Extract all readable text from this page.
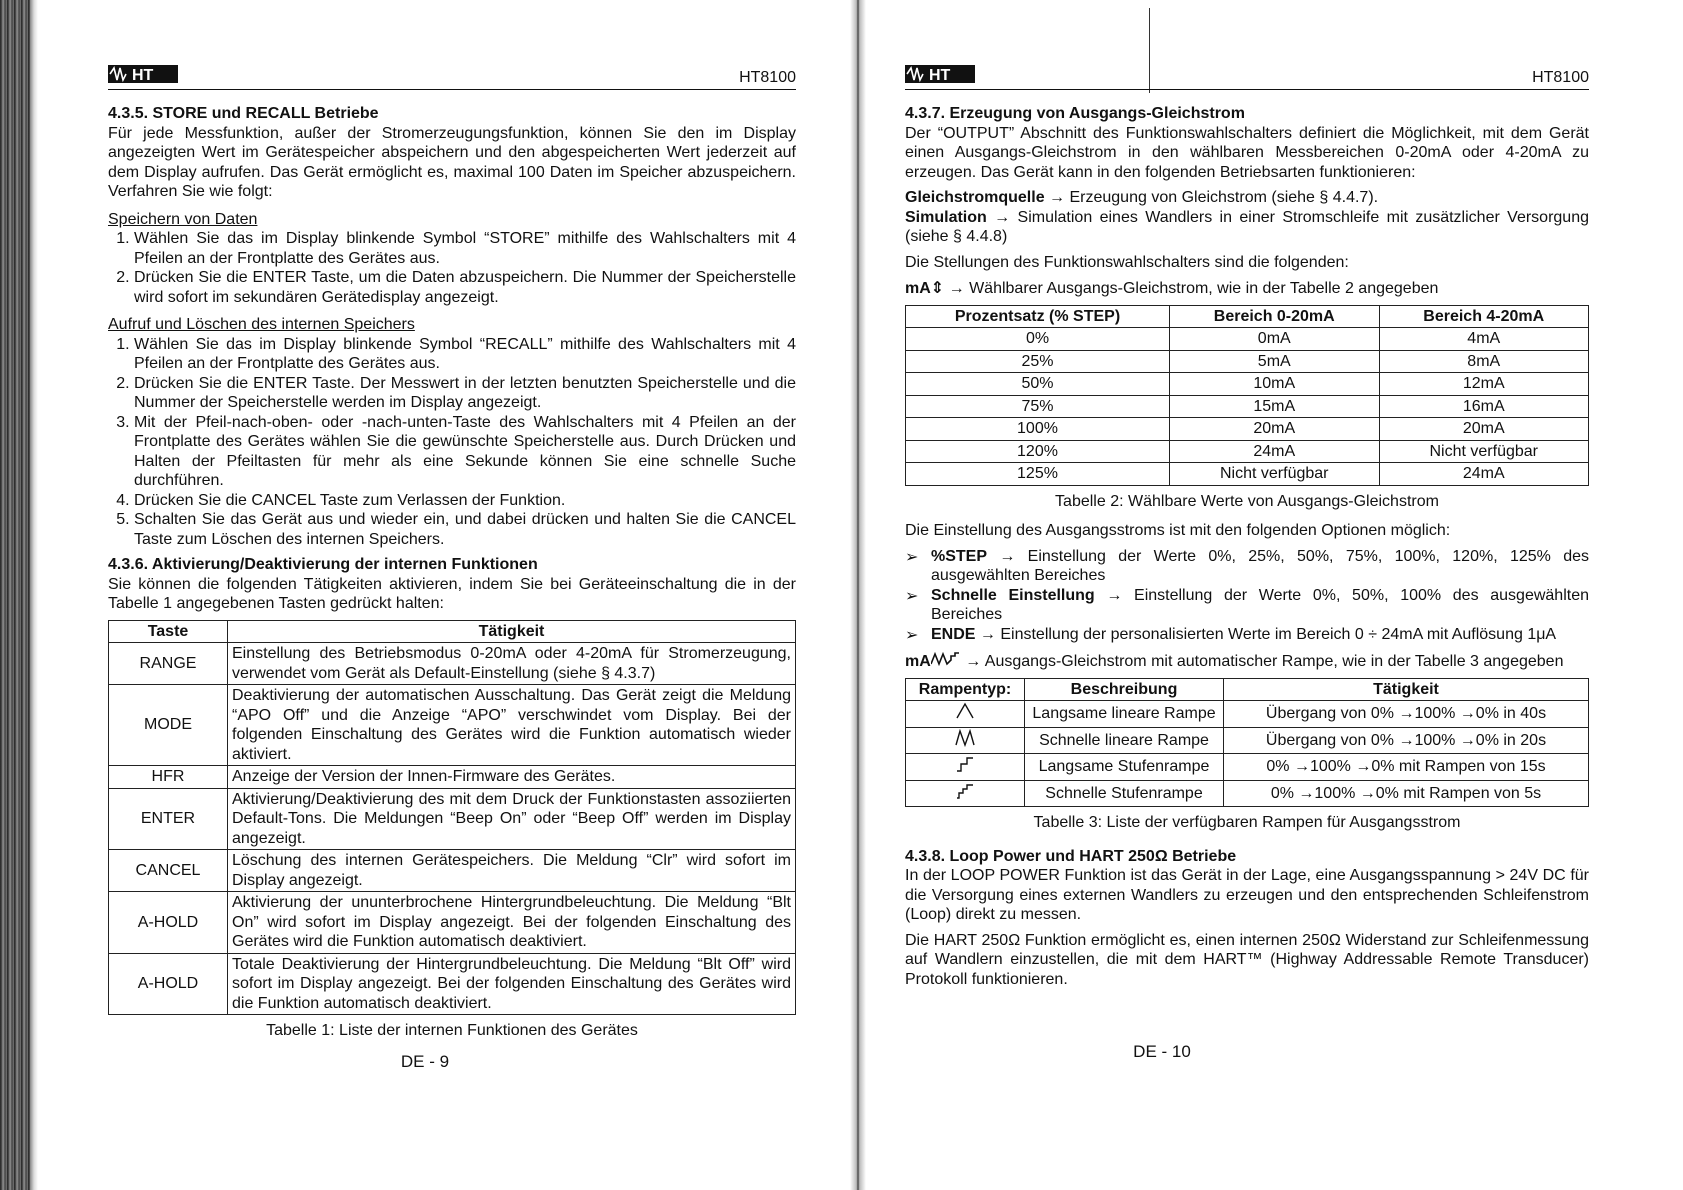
HT	HT8100
4.3.5. STORE und RECALL Betriebe

Für jede Messfunktion, außer der Stromerzeugungsfunktion, können Sie den im Display angezeigten Wert im Gerätespeicher abspeichern und den abgespeicherten Wert jederzeit auf dem Display aufrufen. Das Gerät ermöglicht es, maximal 100 Daten im Speicher abzuspeichern. Verfahren Sie wie folgt:

Speichern von Daten
1. Wählen Sie das im Display blinkende Symbol “STORE” mithilfe des Wahlschalters mit 4 Pfeilen an der Frontplatte des Gerätes aus.
2. Drücken Sie die ENTER Taste, um die Daten abzuspeichern. Die Nummer der Speicherstelle wird sofort im sekundären Gerätedisplay angezeigt.
Aufruf und Löschen des internen Speichers
1. Wählen Sie das im Display blinkende Symbol “RECALL” mithilfe des Wahlschalters mit 4 Pfeilen an der Frontplatte des Gerätes aus.
2. Drücken Sie die ENTER Taste. Der Messwert in der letzten benutzten Speicherstelle und die Nummer der Speicherstelle werden im Display angezeigt.
3. Mit der Pfeil-nach-oben- oder -nach-unten-Taste des Wahlschalters mit 4 Pfeilen an der Frontplatte des Gerätes wählen Sie die gewünschte Speicherstelle aus. Durch Drücken und Halten der Pfeiltasten für mehr als eine Sekunde können Sie eine schnelle Suche durchführen.
4. Drücken Sie die CANCEL Taste zum Verlassen der Funktion.
5. Schalten Sie das Gerät aus und wieder ein, und dabei drücken und halten Sie die CANCEL Taste zum Löschen des internen Speichers.
4.3.6. Aktivierung/Deaktivierung der internen Funktionen

Sie können die folgenden Tätigkeiten aktivieren, indem Sie bei Geräteeinschaltung die in der Tabelle 1 angegebenen Tasten gedrückt halten:

Taste	Tätigkeit
RANGE	Einstellung des Betriebsmodus 0-20mA oder 4-20mA für Stromerzeugung, verwendet vom Gerät als Default-Einstellung (siehe § 4.3.7)
MODE	Deaktivierung der automatischen Ausschaltung. Das Gerät zeigt die Meldung “APO Off” und die Anzeige “APO” verschwindet vom Display. Bei der folgenden Einschaltung des Gerätes wird die Funktion automatisch wieder aktiviert.
HFR	Anzeige der Version der Innen-Firmware des Gerätes.
ENTER	Aktivierung/Deaktivierung des mit dem Druck der Funktionstasten assoziierten Default-Tons. Die Meldungen “Beep On” oder “Beep Off” werden im Display angezeigt.
CANCEL	Löschung des internen Gerätespeichers. Die Meldung “Clr” wird sofort im Display angezeigt.
A-HOLD	Aktivierung der ununterbrochene Hintergrundbeleuchtung. Die Meldung “Blt On” wird sofort im Display angezeigt. Bei der folgenden Einschaltung des Gerätes wird die Funktion automatisch deaktiviert.
A-HOLD	Totale Deaktivierung der Hintergrundbeleuchtung. Die Meldung “Blt Off” wird sofort im Display angezeigt. Bei der folgenden Einschaltung des Gerätes wird die Funktion automatisch deaktiviert.
Tabelle 1: Liste der internen Funktionen des Gerätes
DE - 9
HT	HT8100
4.3.7. Erzeugung von Ausgangs-Gleichstrom

Der “OUTPUT” Abschnitt des Funktionswahlschalters definiert die Möglichkeit, mit dem Gerät einen Ausgangs-Gleichstrom in den wählbaren Messbereichen 0-20mA oder 4-20mA zu erzeugen. Das Gerät kann in den folgenden Betriebsarten funktionieren:

Gleichstromquelle → Erzeugung von Gleichstrom (siehe § 4.4.7).

Simulation → Simulation eines Wandlers in einer Stromschleife mit zusätzlicher Versorgung (siehe § 4.4.8)

Die Stellungen des Funktionswahlschalters sind die folgenden:

mA⇕ → Wählbarer Ausgangs-Gleichstrom, wie in der Tabelle 2 angegeben

Prozentsatz (% STEP)	Bereich 0-20mA	Bereich 4-20mA
0%	0mA	4mA
25%	5mA	8mA
50%	10mA	12mA
75%	15mA	16mA
100%	20mA	20mA
120%	24mA	Nicht verfügbar
125%	Nicht verfügbar	24mA
Tabelle 2: Wählbare Werte von Ausgangs-Gleichstrom

Die Einstellung des Ausgangsstroms ist mit den folgenden Optionen möglich:

➢ %STEP → Einstellung der Werte 0%, 25%, 50%, 75%, 100%, 120%, 125% des ausgewählten Bereiches
➢ Schnelle Einstellung → Einstellung der Werte 0%, 50%, 100% des ausgewählten Bereiches
➢ ENDE → Einstellung der personalisierten Werte im Bereich 0 ÷ 24mA mit Auflösung 1μA

mA → Ausgangs-Gleichstrom mit automatischer Rampe, wie in der Tabelle 3 angegeben

Rampentyp:	Beschreibung	Tätigkeit
	Langsame lineare Rampe	Übergang von 0% →100% →0% in 40s
	Schnelle lineare Rampe	Übergang von 0% →100% →0% in 20s
	Langsame Stufenrampe	0% →100% →0% mit Rampen von 15s
	Schnelle Stufenrampe	0% →100% →0% mit Rampen von 5s
Tabelle 3: Liste der verfügbaren Rampen für Ausgangsstrom
4.3.8. Loop Power und HART 250Ω Betriebe

In der LOOP POWER Funktion ist das Gerät in der Lage, eine Ausgangsspannung > 24V DC für die Versorgung eines externen Wandlers zu erzeugen und den entsprechenden Schleifenstrom (Loop) direkt zu messen.

Die HART 250Ω Funktion ermöglicht es, einen internen 250Ω Widerstand zur Schleifenmessung auf Wandlern einzustellen, die mit dem HART™ (Highway Addressable Remote Transducer) Protokoll funktionieren.

DE - 10
